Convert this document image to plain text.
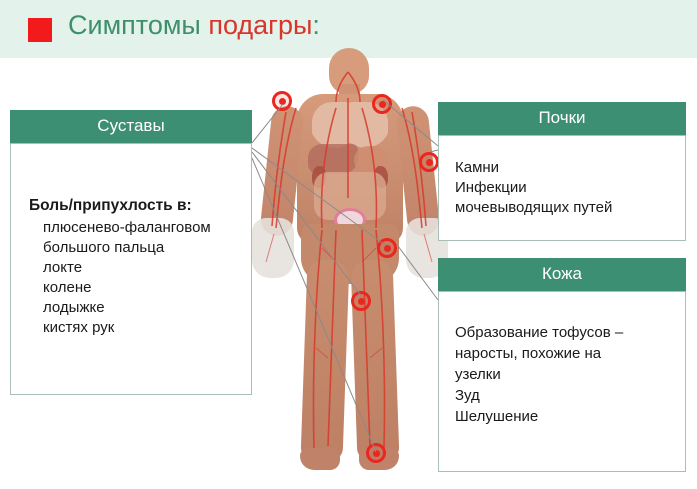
Симптомы подагры:
Суставы
Боль/припухлость в:
плюсенево-фаланговом
большого пальца
локте
колене
лодыжке
кистях рук
Почки
Камни
Инфекции
мочевыводящих путей
Кожа
Образование тофусов –
наросты, похожие на
узелки
Зуд
Шелушение
